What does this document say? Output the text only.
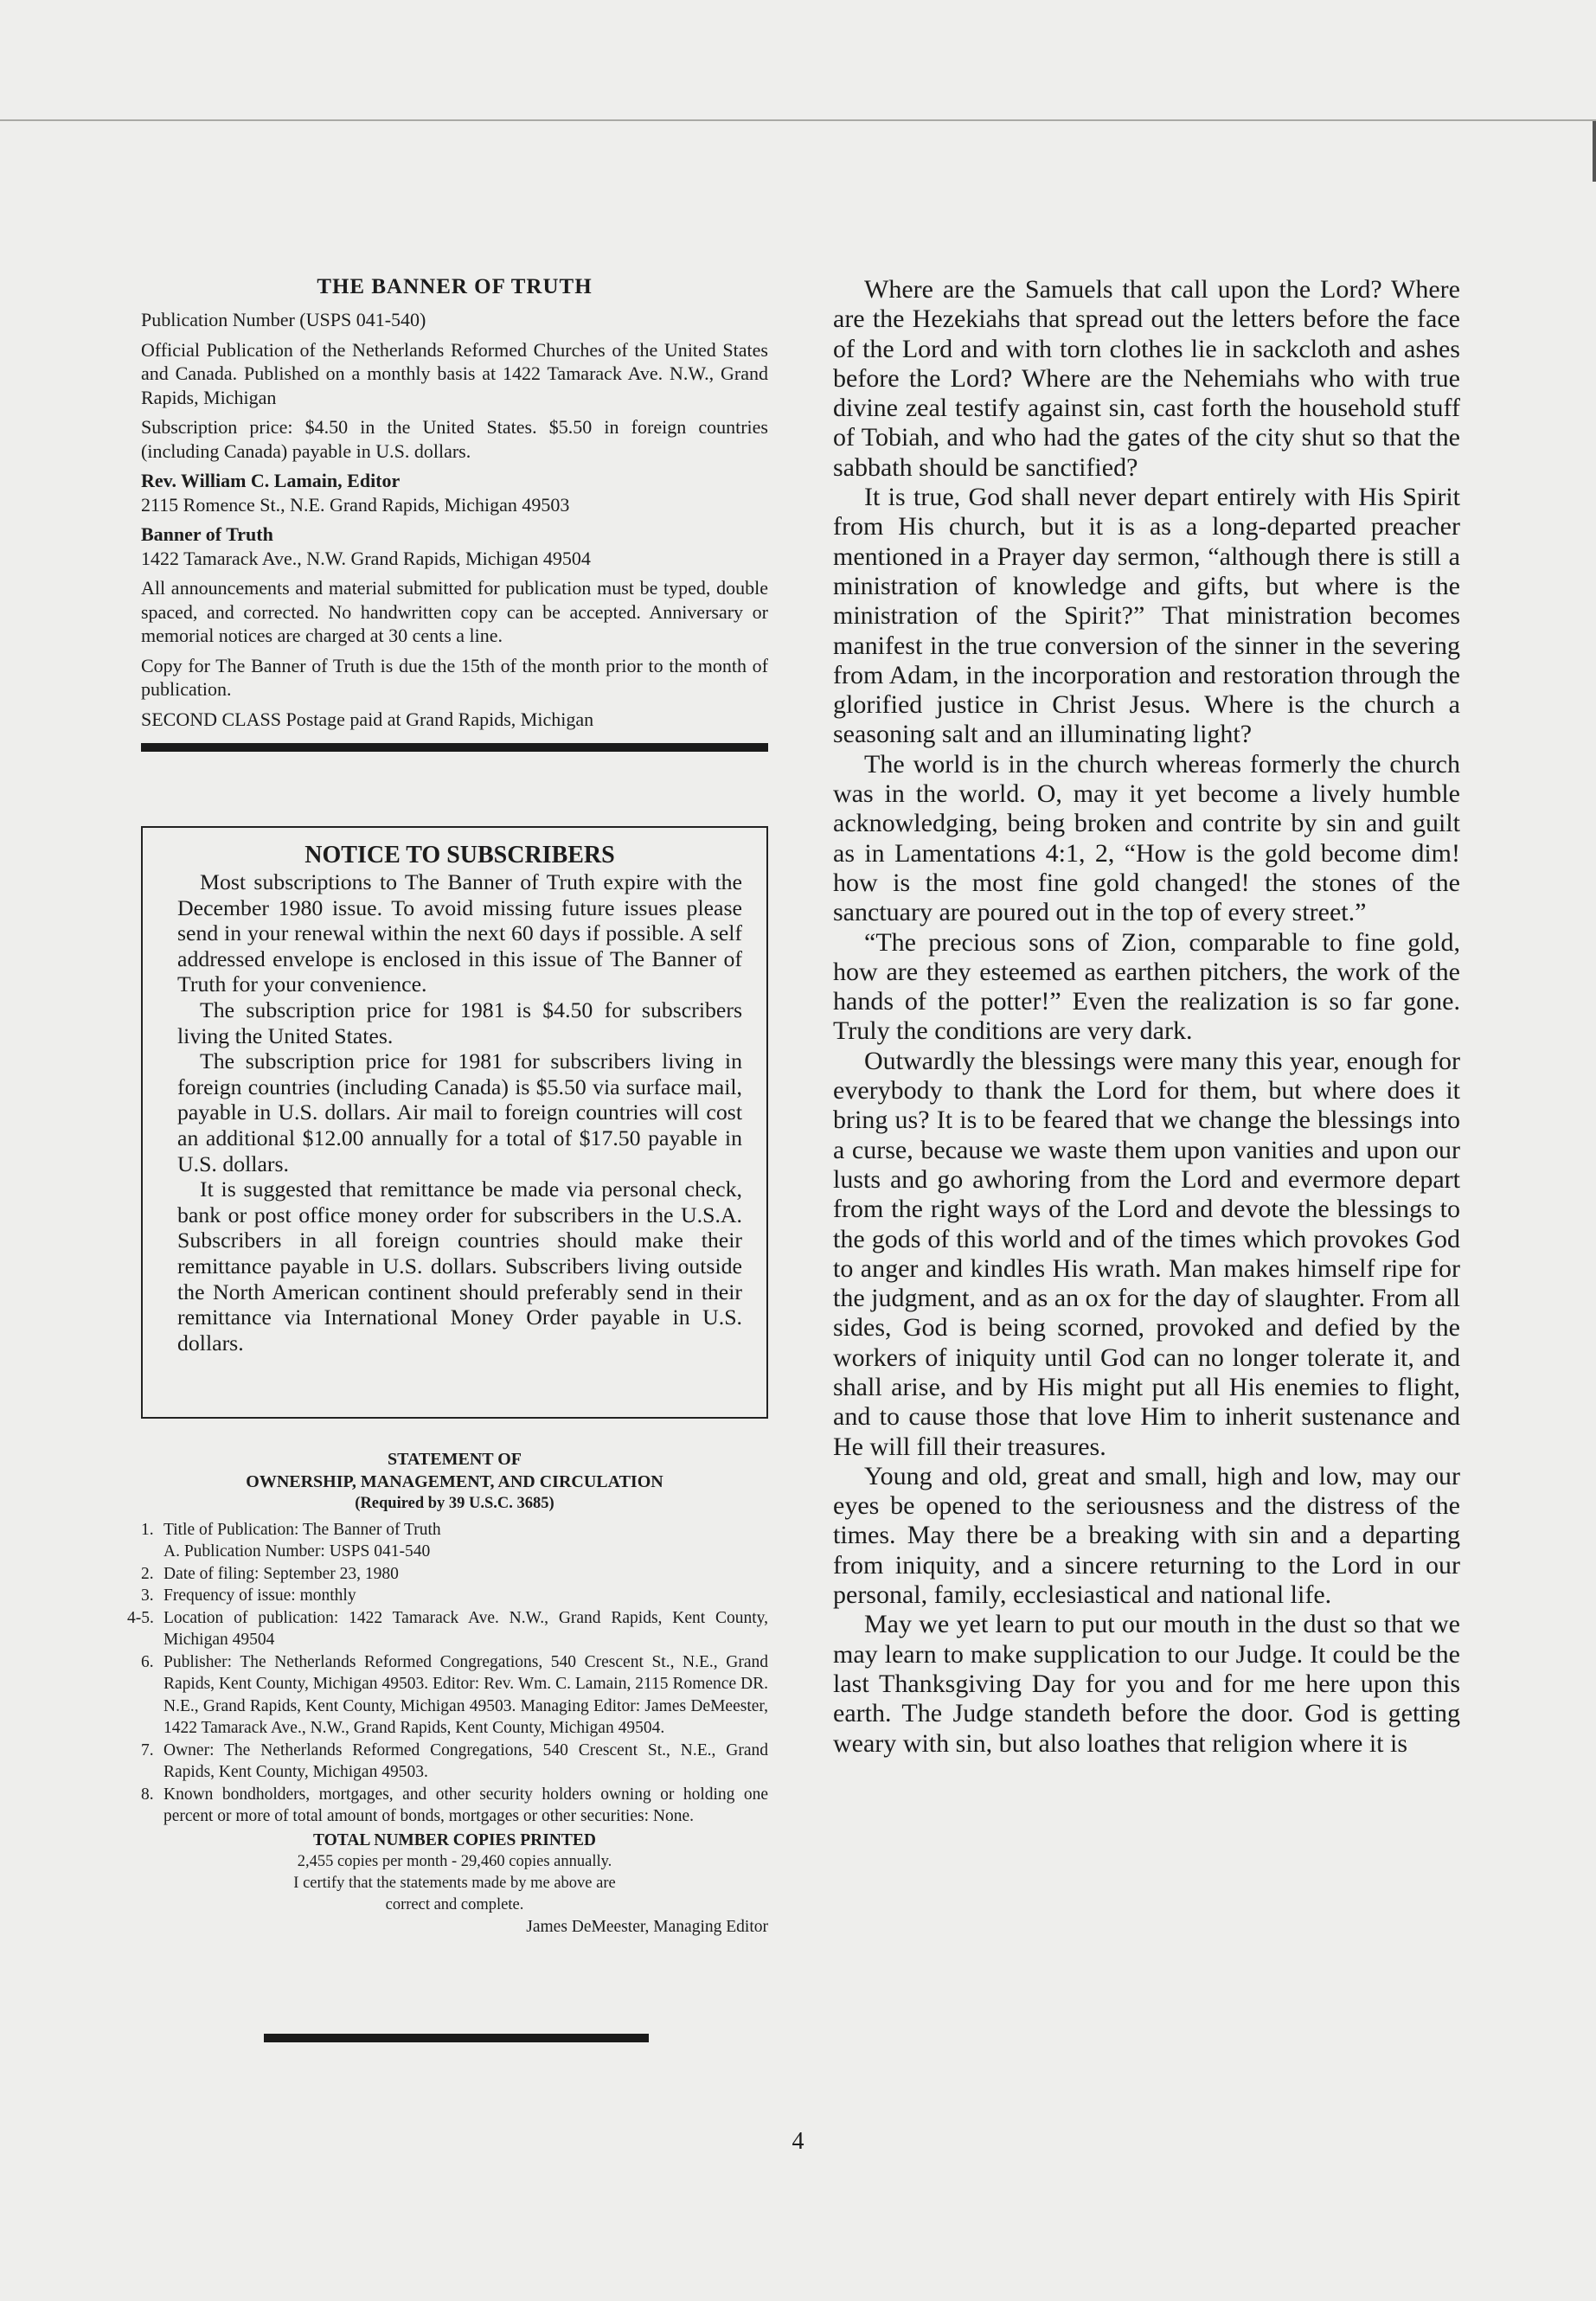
THE BANNER OF TRUTH

Publication Number (USPS 041-540)

Official Publication of the Netherlands Reformed Churches of the United States and Canada. Published on a monthly basis at 1422 Tamarack Ave. N.W., Grand Rapids, Michigan

Subscription price: $4.50 in the United States. $5.50 in foreign countries (including Canada) payable in U.S. dollars.

Rev. William C. Lamain, Editor

2115 Romence St., N.E. Grand Rapids, Michigan 49503

Banner of Truth

1422 Tamarack Ave., N.W. Grand Rapids, Michigan 49504

All announcements and material submitted for publication must be typed, double spaced, and corrected. No handwritten copy can be accepted. Anniversary or memorial notices are charged at 30 cents a line.

Copy for The Banner of Truth is due the 15th of the month prior to the month of publication.

SECOND CLASS Postage paid at Grand Rapids, Michigan

NOTICE TO SUBSCRIBERS

Most subscriptions to The Banner of Truth expire with the December 1980 issue. To avoid missing future issues please send in your renewal within the next 60 days if possible. A self addressed envelope is enclosed in this issue of The Banner of Truth for your convenience.

The subscription price for 1981 is $4.50 for subscribers living the United States.

The subscription price for 1981 for subscribers living in foreign countries (including Canada) is $5.50 via surface mail, payable in U.S. dollars. Air mail to foreign countries will cost an additional $12.00 annually for a total of $17.50 payable in U.S. dollars.

It is suggested that remittance be made via personal check, bank or post office money order for subscribers in the U.S.A. Subscribers in all foreign countries should make their remittance payable in U.S. dollars. Subscribers living outside the North American continent should preferably send in their remittance via International Money Order payable in U.S. dollars.

STATEMENT OF
OWNERSHIP, MANAGEMENT, AND CIRCULATION
(Required by 39 U.S.C. 3685)
1. Title of Publication: The Banner of Truth
A. Publication Number: USPS 041-540
2. Date of filing: September 23, 1980
3. Frequency of issue: monthly
4-5. Location of publication: 1422 Tamarack Ave. N.W., Grand Rapids, Kent County, Michigan 49504
6. Publisher: The Netherlands Reformed Congregations, 540 Crescent St., N.E., Grand Rapids, Kent County, Michigan 49503. Editor: Rev. Wm. C. Lamain, 2115 Romence DR. N.E., Grand Rapids, Kent County, Michigan 49503. Managing Editor: James DeMeester, 1422 Tamarack Ave., N.W., Grand Rapids, Kent County, Michigan 49504.
7. Owner: The Netherlands Reformed Congregations, 540 Crescent St., N.E., Grand Rapids, Kent County, Michigan 49503.
8. Known bondholders, mortgages, and other security holders owning or holding one percent or more of total amount of bonds, mortgages or other securities: None.
TOTAL NUMBER COPIES PRINTED
2,455 copies per month - 29,460 copies annually.
I certify that the statements made by me above are
correct and complete.
James DeMeester, Managing Editor

Where are the Samuels that call upon the Lord? Where are the Hezekiahs that spread out the letters before the face of the Lord and with torn clothes lie in sackcloth and ashes before the Lord? Where are the Nehemiahs who with true divine zeal testify against sin, cast forth the household stuff of Tobiah, and who had the gates of the city shut so that the sabbath should be sanctified?

It is true, God shall never depart entirely with His Spirit from His church, but it is as a long-departed preacher mentioned in a Prayer day sermon, “although there is still a ministration of knowledge and gifts, but where is the ministration of the Spirit?” That ministration becomes manifest in the true conversion of the sinner in the severing from Adam, in the incorporation and restoration through the glorified justice in Christ Jesus. Where is the church a seasoning salt and an illuminating light?

The world is in the church whereas formerly the church was in the world. O, may it yet become a lively humble acknowledging, being broken and contrite by sin and guilt as in Lamentations 4:1, 2, “How is the gold become dim! how is the most fine gold changed! the stones of the sanctuary are poured out in the top of every street.”

“The precious sons of Zion, comparable to fine gold, how are they esteemed as earthen pitchers, the work of the hands of the potter!” Even the realization is so far gone. Truly the conditions are very dark.

Outwardly the blessings were many this year, enough for everybody to thank the Lord for them, but where does it bring us? It is to be feared that we change the blessings into a curse, because we waste them upon vanities and upon our lusts and go awhoring from the Lord and evermore depart from the right ways of the Lord and devote the blessings to the gods of this world and of the times which provokes God to anger and kindles His wrath. Man makes himself ripe for the judgment, and as an ox for the day of slaughter. From all sides, God is being scorned, provoked and defied by the workers of iniquity until God can no longer tolerate it, and shall arise, and by His might put all His enemies to flight, and to cause those that love Him to inherit sustenance and He will fill their treasures.

Young and old, great and small, high and low, may our eyes be opened to the seriousness and the distress of the times. May there be a breaking with sin and a departing from iniquity, and a sincere returning to the Lord in our personal, family, ecclesiastical and national life.

May we yet learn to put our mouth in the dust so that we may learn to make supplication to our Judge. It could be the last Thanksgiving Day for you and for me here upon this earth. The Judge standeth before the door. God is getting weary with sin, but also loathes that religion where it is

4
